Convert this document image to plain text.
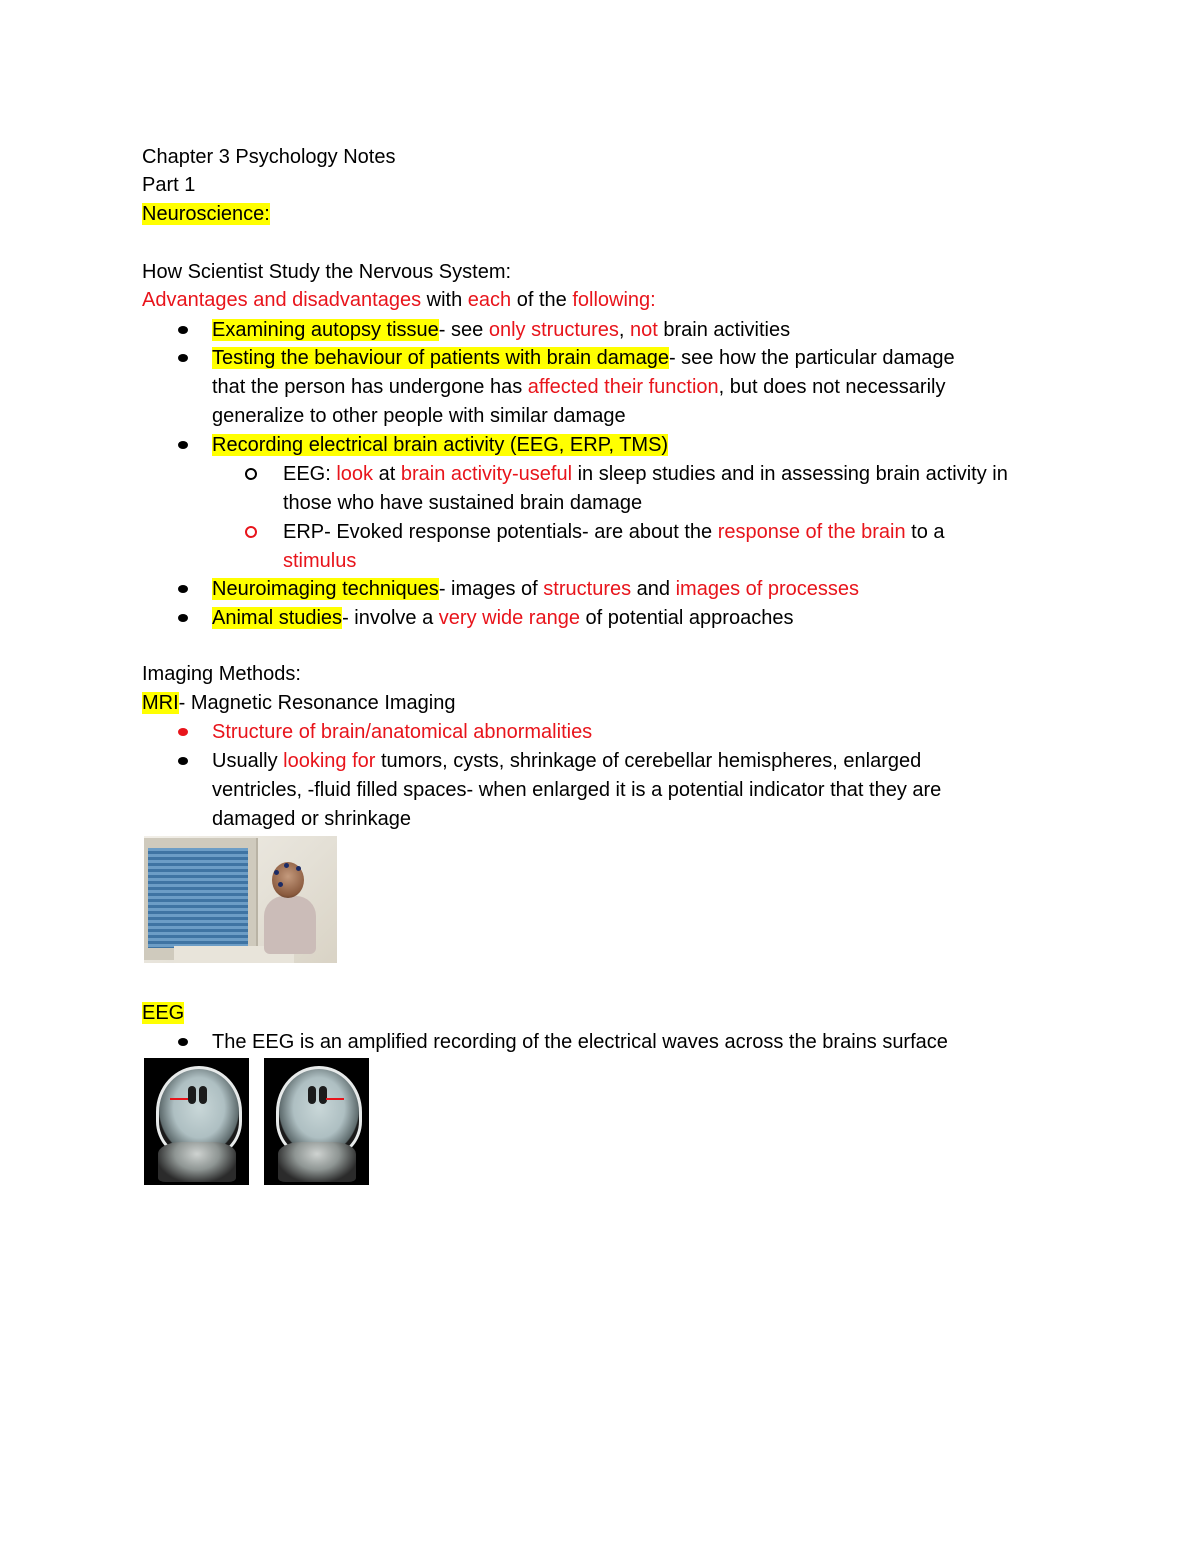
Chapter 3 Psychology Notes
Part 1
Neuroscience:
How Scientist Study the Nervous System:
Advantages and disadvantages with each of the following:
Examining autopsy tissue- see only structures, not brain activities
Testing the behaviour of patients with brain damage- see how the particular damage
that the person has undergone has affected their function, but does not necessarily
generalize to other people with similar damage
Recording electrical brain activity (EEG, ERP, TMS)
EEG: look at brain activity-useful in sleep studies and in assessing brain activity in
those who have sustained brain damage
ERP- Evoked response potentials- are about the response of the brain to a
stimulus
Neuroimaging techniques- images of structures and images of processes
Animal studies- involve a very wide range of potential approaches
Imaging Methods:
MRI- Magnetic Resonance Imaging
Structure of brain/anatomical abnormalities
Usually looking for tumors, cysts, shrinkage of cerebellar hemispheres, enlarged
ventricles, -fluid filled spaces- when enlarged it is a potential indicator that they are
damaged or shrinkage
EEG
The EEG is an amplified recording of the electrical waves across the brains surface
